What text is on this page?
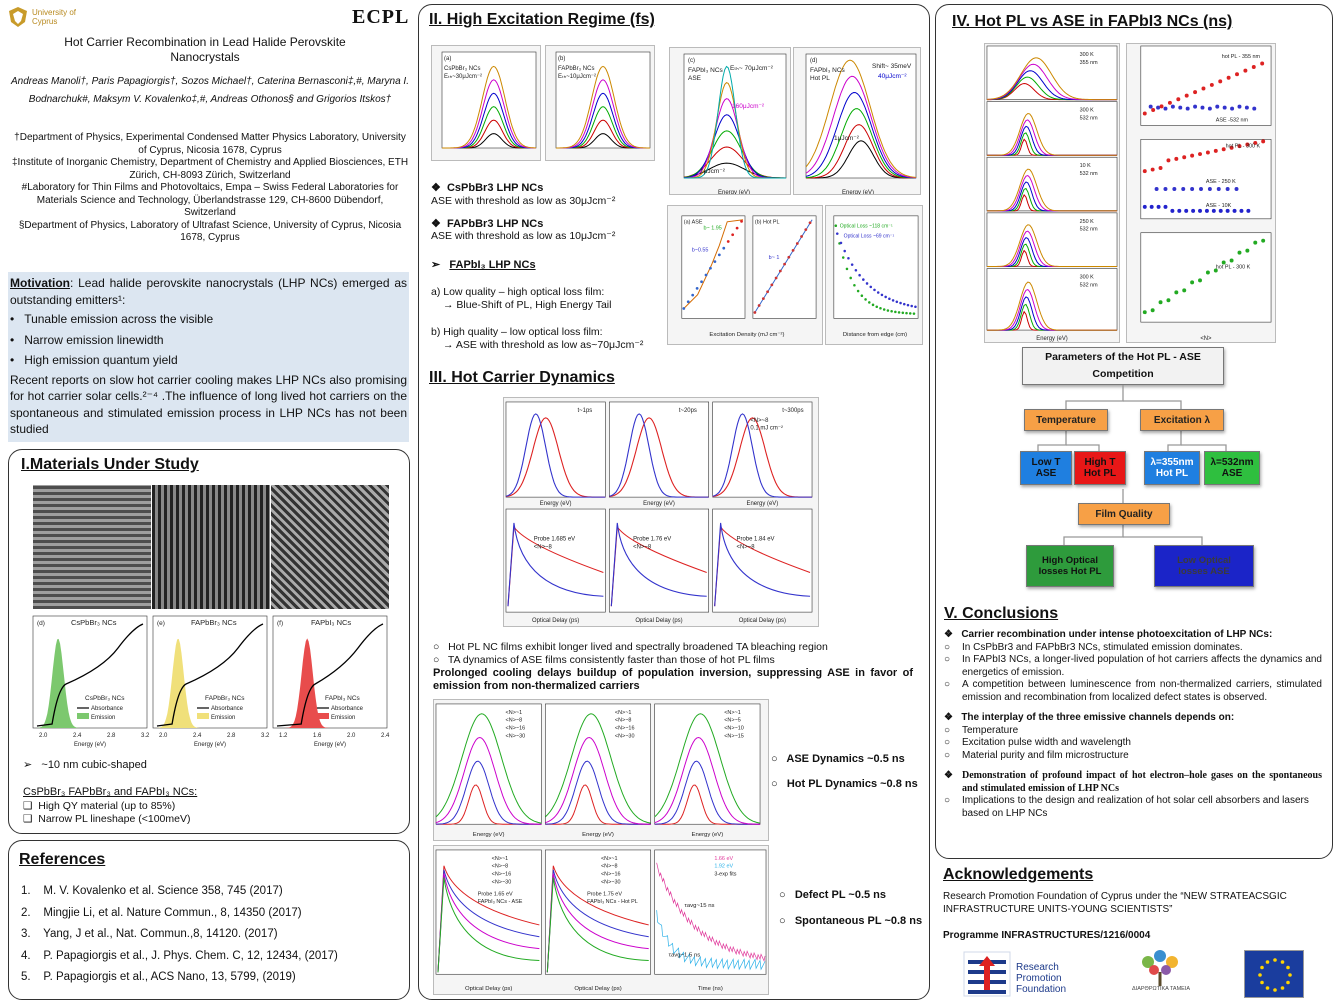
University of Cyprus	ECPL
Hot Carrier Recombination in Lead Halide Perovskite Nanocrystals
Andreas Manoli†, Paris Papagiorgis†, Sozos Michael†, Caterina Bernasconi‡,#, Maryna I. Bodnarchuk#, Maksym V. Kovalenko‡,#, Andreas Othonos§ and Grigorios Itskos†
†Department of Physics, Experimental Condensed Matter Physics Laboratory, University of Cyprus, Nicosia 1678, Cyprus
‡Institute of Inorganic Chemistry, Department of Chemistry and Applied Biosciences, ETH Zürich, CH-8093 Zürich, Switzerland
#Laboratory for Thin Films and Photovoltaics, Empa – Swiss Federal Laboratories for Materials Science and Technology, Überlandstrasse 129, CH-8600 Dübendorf, Switzerland
§Department of Physics, Laboratory of Ultrafast Science, University of Cyprus, Nicosia 1678, Cyprus
Motivation: Lead halide perovskite nanocrystals (LHP NCs) emerged as outstanding emitters¹:
•   Tunable emission across the visible
•   Narrow emission linewidth
•   High emission quantum yield
Recent reports on slow hot carrier cooling makes LHP NCs also promising for hot carrier solar cells.²⁻⁴ .The influence of long lived hot carriers on the spontaneous and stimulated emission process in LHP NCs has not been studied
I.Materials Under Study
(d)	CsPbBr₃ NCs
CsPbBr₃ NCs
Absorbance
Emission
2.0	2.4	2.8	3.2
Energy (eV)
(e)	FAPbBr₃ NCs
FAPbBr₃ NCs
Absorbance
Emission
2.0	2.4	2.8	3.2
Energy (eV)
(f)	FAPbI₃ NCs
FAPbI₃ NCs
Absorbance
Emission
1.2	1.6	2.0	2.4
Energy (eV)
➢   ~10 nm cubic-shaped
CsPbBr₃ FAPbBr₃ and FAPbI₃ NCs:
❑  High QY material (up to 85%)
❑  Narrow PL lineshape (<100meV)
References
1.    M. V. Kovalenko et al. Science 358, 745 (2017)
2.    Mingjie Li, et al. Nature Commun., 8, 14350 (2017)
3.    Yang, J et al., Nat. Commun.,8, 14120. (2017)
4.    P. Papagiorgis et al., J. Phys. Chem. C, 12, 12434, (2017)
5.    P. Papagiorgis et al., ACS Nano, 13, 5799, (2019)
II. High Excitation Regime (fs)
(a)
CsPbBr₃ NCs
Eₜₕ~30μJcm⁻²
(b)
FAPbBr₃ NCs
Eₜₕ~10μJcm⁻²
(c)
FAPbI₃ NCs
ASE
Eₜₕ~ 70μJcm⁻²
160μJcm⁻²
1μJcm⁻²
Energy (eV)
(d)
FAPbI₃ NCs
Hot PL
Shift~ 35meV
40μJcm⁻²
1μJcm⁻²
Energy (eV)
❖  CsPbBr3 LHP NCs
ASE with threshold as low as 30μJcm⁻²
❖  FAPbBr3 LHP NCs
ASE with threshold as low as 10μJcm⁻²
➢   FAPbI₃ LHP NCs
a) Low quality – high optical loss film:
→ Blue-Shift of PL, High Energy Tail
b) High quality – low optical loss film:
→ ASE with threshold as low as~70μJcm⁻²
(a) ASE	(b) Hot PL
b~ 1.95
b~0.55
b~ 1
Excitation Density (mJ cm⁻²)
Optical Loss ~118 cm⁻¹
Optical Loss ~69 cm⁻¹
Distance from edge (cm)
III. Hot Carrier Dynamics
Energy (eV)
Optical Delay (ps)
Energy (eV)
Optical Delay (ps)
Energy (eV)
Optical Delay (ps)
t~1ps	t~20ps	t~300ps
<N>~8
0.1 mJ cm⁻²
Probe 1.685 eV
<N>~8
Probe 1.76 eV
<N>~8
Probe 1.84 eV
<N>~8
○   Hot PL NC films exhibit longer lived and spectrally broadened TA bleaching region
○   TA dynamics of ASE films consistently faster than those of hot PL films
Prolonged cooling delays buildup of population inversion, suppressing ASE in favor of emission from non-thermalized carriers
<N>~1
<N>~8
<N>~16
<N>~30
Energy (eV)
<N>~1
<N>~8
<N>~16
<N>~30
Energy (eV)
<N>~1
<N>~5
<N>~10
<N>~15
Energy (eV)
<N>~1
<N>~8
<N>~16
<N>~30
Optical Delay (ps)
<N>~1
<N>~8
<N>~16
<N>~30
Optical Delay (ps)
Probe 1.65 eV
FAPbI₃ NCs - ASE
Probe 1.75 eV
FAPbI₃ NCs - Hot PL
1.66 eV
1.92 eV
3-exp fits
τavg~15 ns
τavg~1.5 ns
Time (ns)
○   ASE Dynamics ~0.5 ns
○   Hot PL Dynamics ~0.8 ns
○   Defect PL ~0.5 ns
○   Spontaneous PL ~0.8 ns
IV. Hot PL vs ASE in FAPbI3 NCs (ns)
300 K
355 nm
300 K
532 nm
10 K
532 nm
250 K
532 nm
300 K
532 nm
Energy (eV)
hot PL - 355 nm
ASE -532 nm
hot PL - 300 K
ASE - 250 K
ASE - 10K
hot PL - 300 K
<N>
Parameters of the Hot PL - ASE Competition
Temperature	Excitation λ
Low T ASE
High T Hot PL
λ=355nm Hot PL
λ=532nm ASE
Film Quality
High Optical losses Hot PL
Low Optical losses ASE
V. Conclusions
❖   Carrier recombination under intense photoexcitation of LHP NCs:
○	In CsPbBr3 and FAPbBr3 NCs, stimulated emission dominates.
○	In FAPbI3 NCs, a longer-lived population of hot carriers affects the dynamics and energetics of emission.
○	A competition between luminescence from non-thermalized carriers, stimulated emission and recombination from localized defect states is observed.
❖   The interplay of the three emissive channels depends on:
○	Temperature
○	Excitation pulse width and wavelength
○	Material purity and film microstructure
❖ Demonstration of profound impact of hot electron–hole gases on the spontaneous and stimulated emission of LHP NCs
○	Implications to the design and realization of hot solar cell absorbers and lasers based on LHP NCs
Acknowledgements
Research Promotion Foundation of Cyprus under the “NEW STRATEACSGIC INFRASTRUCTURE UNITS-YOUNG SCIENTISTS”
Programme INFRASTRUCTURES/1216/0004
Research
Promotion
Foundation	ΔΙΑΡΘΡΩΤΙΚΑ ΤΑΜΕΙΑ
